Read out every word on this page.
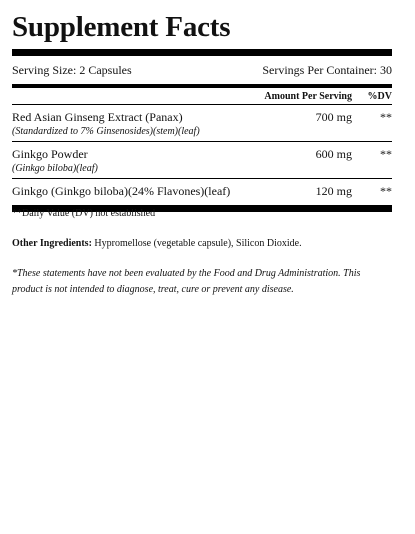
Supplement Facts
Serving Size: 2 Capsules	Servings Per Container: 30
Amount Per Serving %DV
Red Asian Ginseng Extract (Panax)
(Standardized to 7% Ginsenosides)(stem)(leaf)
700 mg	**
Ginkgo Powder
(Ginkgo biloba)(leaf)
600 mg	**
Ginkgo (Ginkgo biloba)(24% Flavones)(leaf)	120 mg	**
**Daily Value (DV) not established
Other Ingredients: Hypromellose (vegetable capsule), Silicon Dioxide.
*These statements have not been evaluated by the Food and Drug Administration. This product is not intended to diagnose, treat, cure or prevent any disease.
